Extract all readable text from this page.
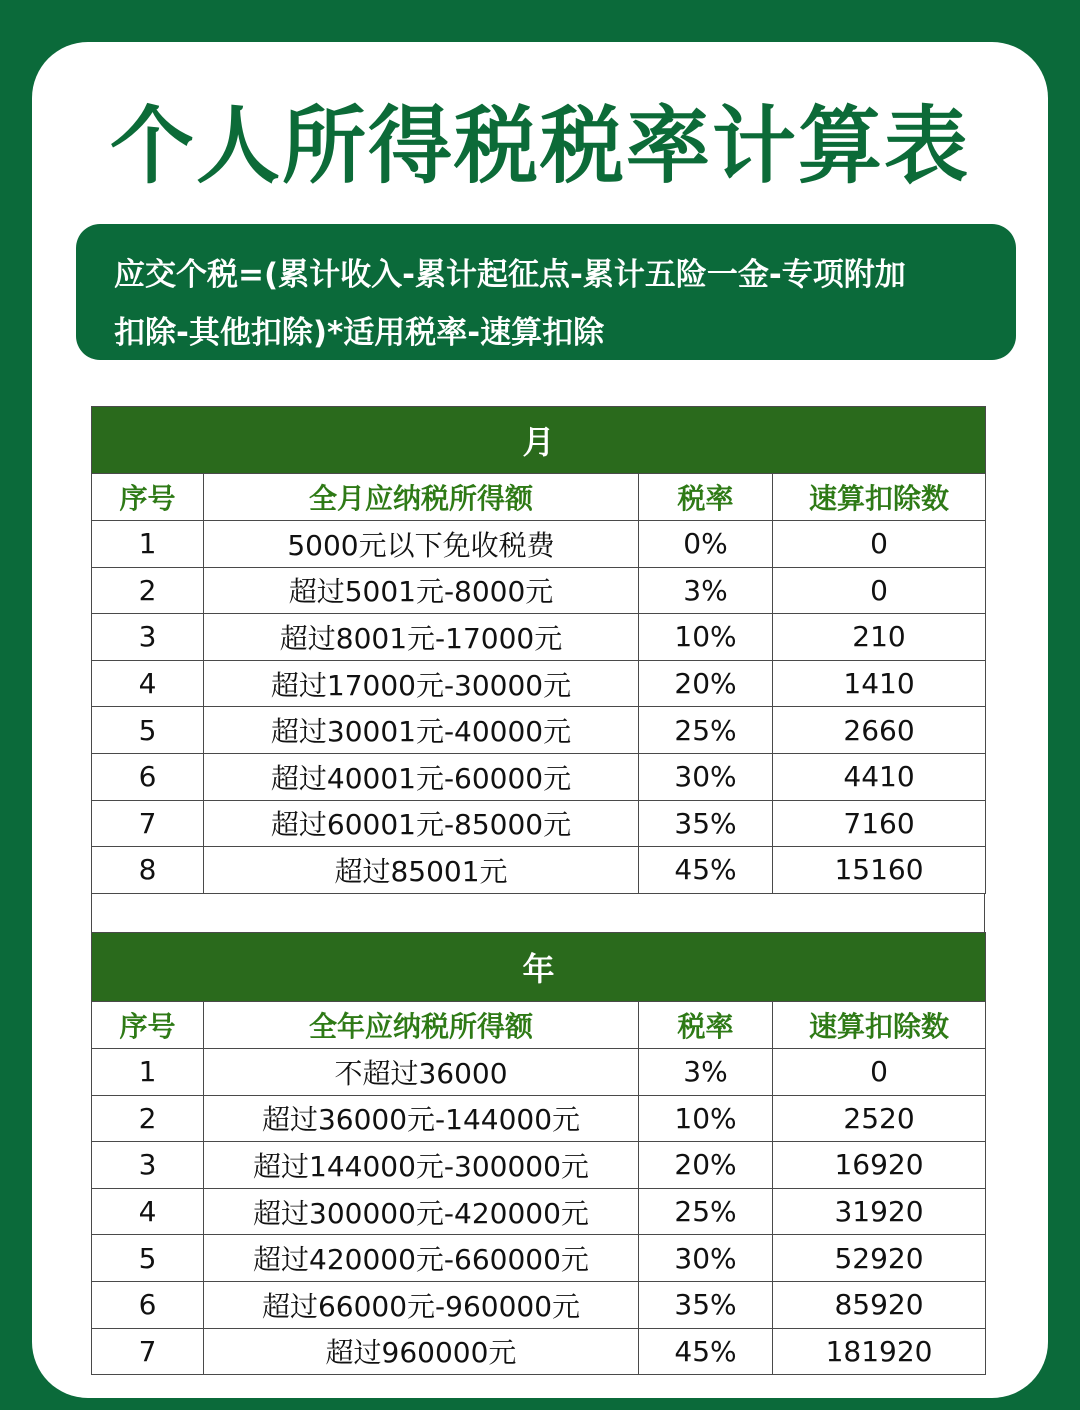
个人所得税税率计算表
应交个税=(累计收入-累计起征点-累计五险一金-专项附加
扣除-其他扣除)*适用税率-速算扣除
月			
序号	全月应纳税所得额	税率	速算扣除数
1	5000元以下免收税费	0%	0
2	超过5001元-8000元	3%	0
3	超过8001元-17000元	10%	210
4	超过17000元-30000元	20%	1410
5	超过30001元-40000元	25%	2660
6	超过40001元-60000元	30%	4410
7	超过60001元-85000元	35%	7160
8	超过85001元	45%	15160
年			
序号	全年应纳税所得额	税率	速算扣除数
1	不超过36000	3%	0
2	超过36000元-144000元	10%	2520
3	超过144000元-300000元	20%	16920
4	超过300000元-420000元	25%	31920
5	超过420000元-660000元	30%	52920
6	超过66000元-960000元	35%	85920
7	超过960000元	45%	181920
